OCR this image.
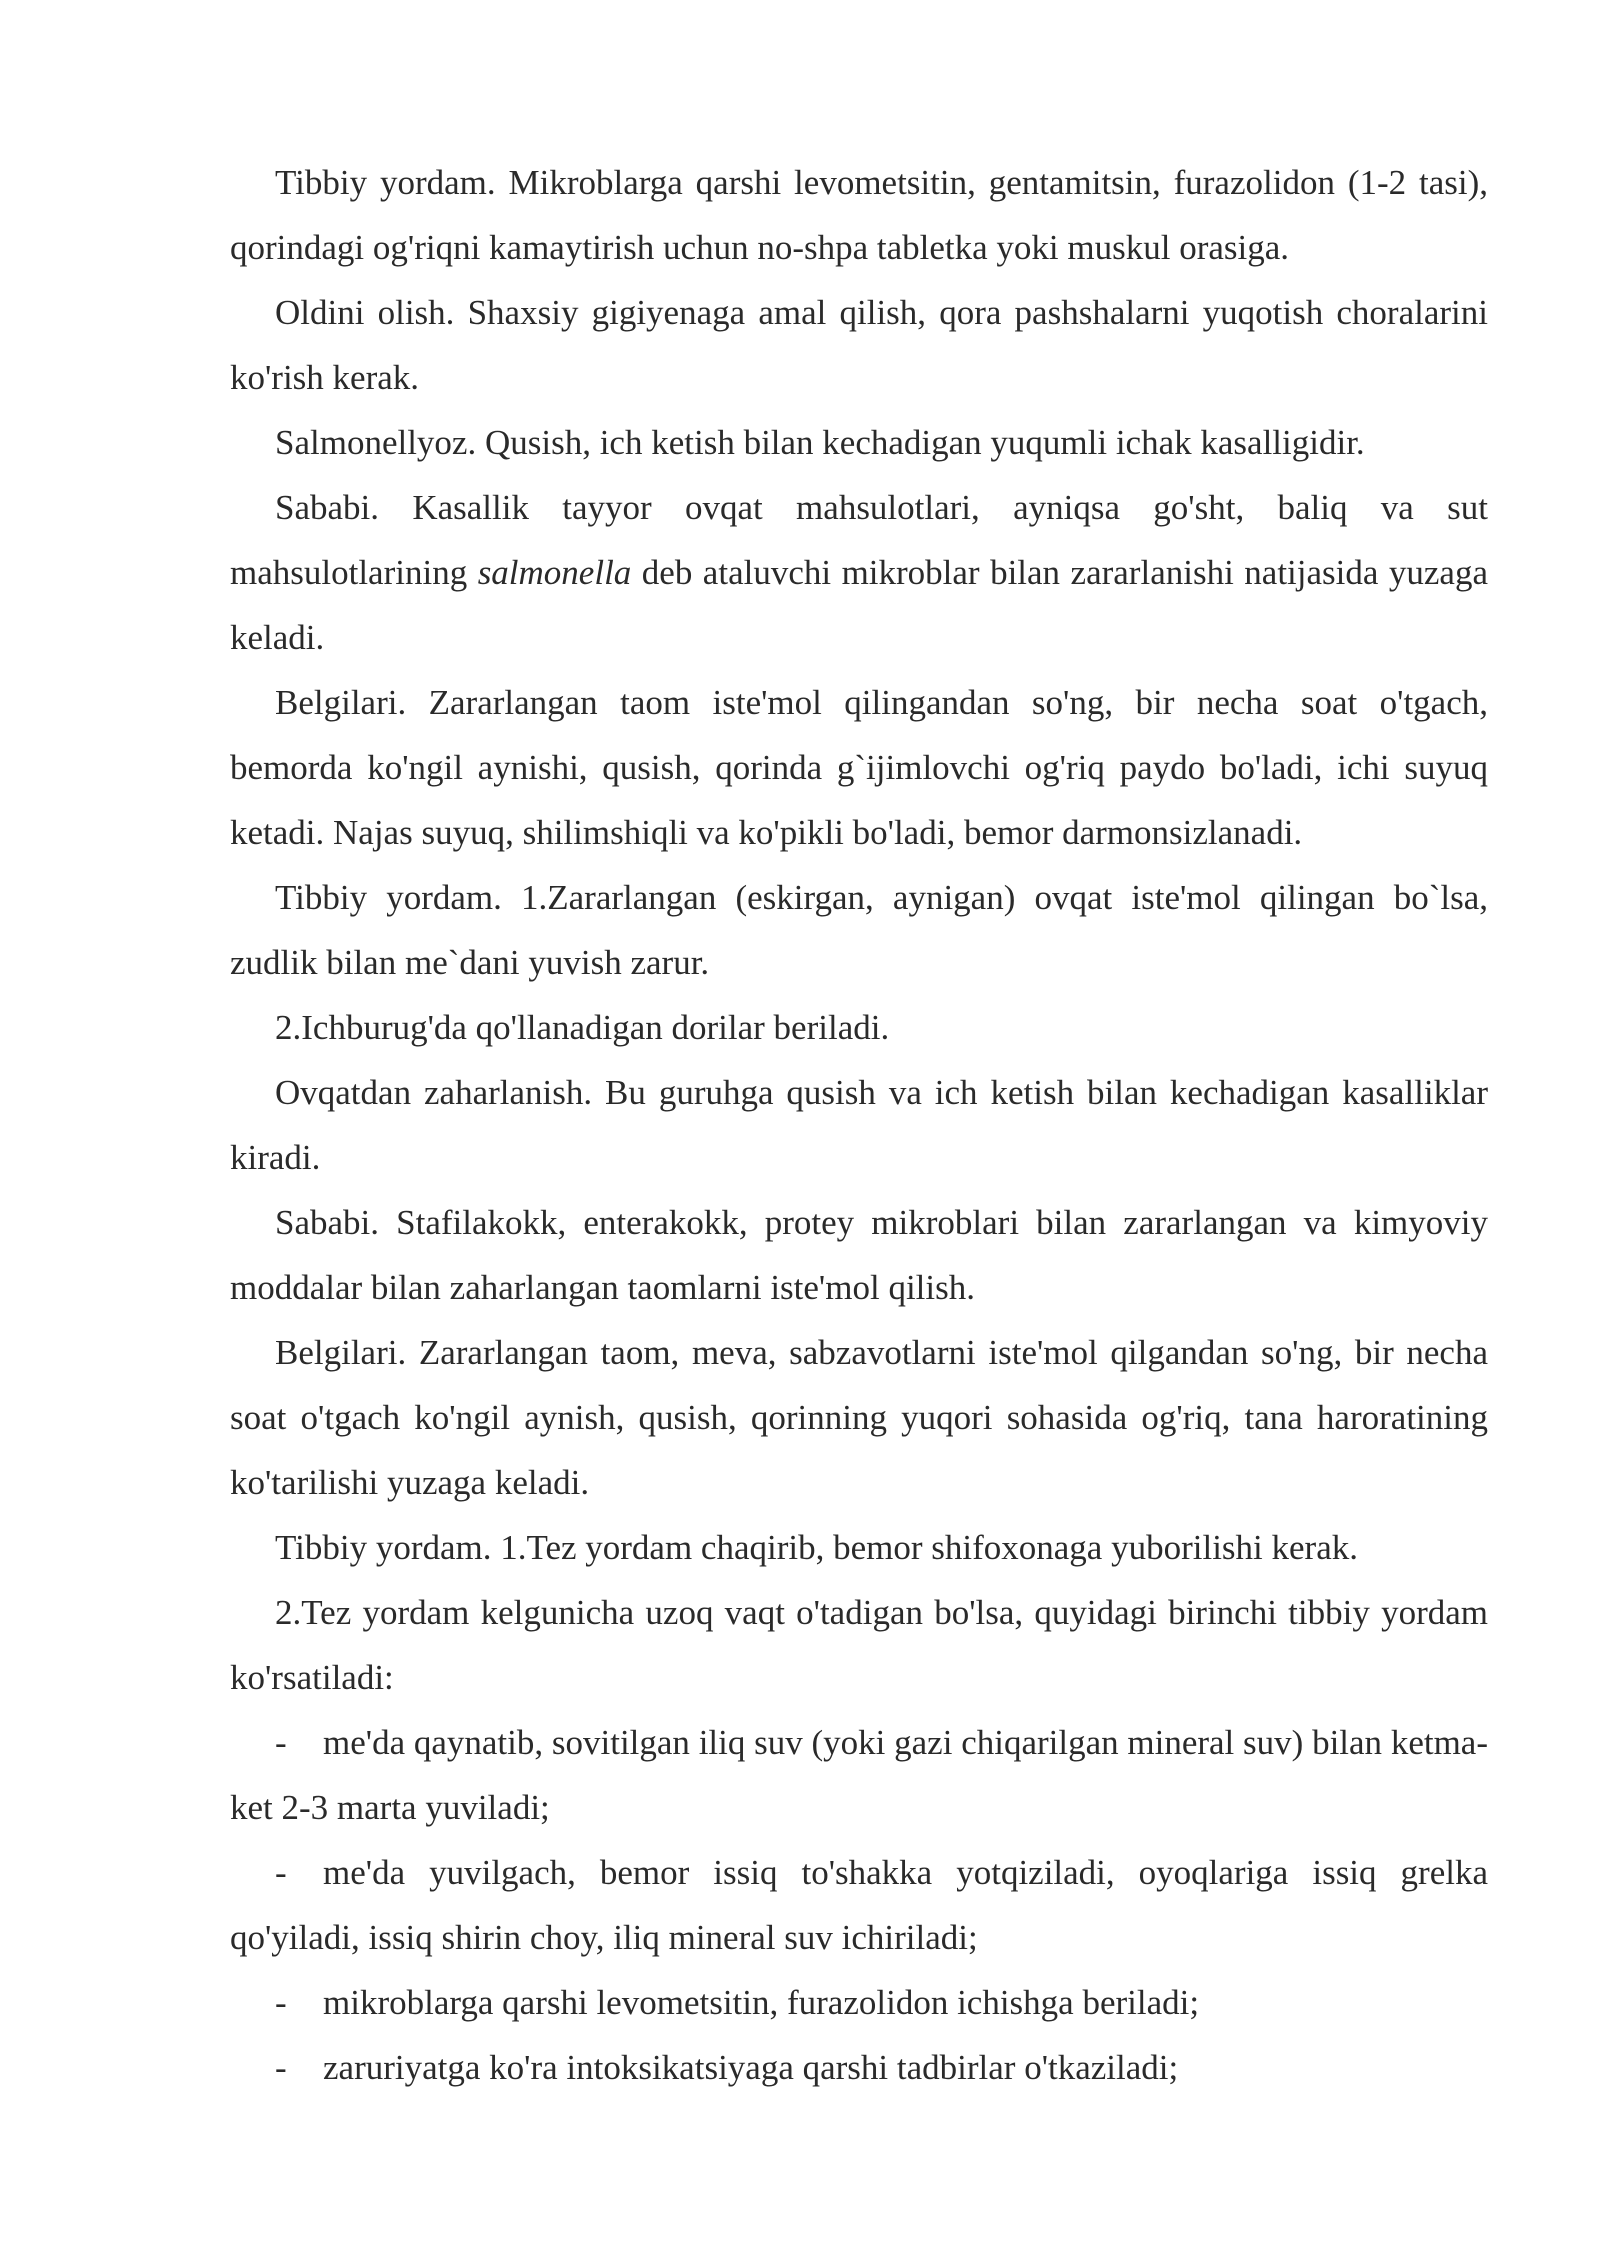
Tibbiy yordam. Mikroblarga qarshi levometsitin, gentamitsin, furazolidon (1-2 tasi), qorindagi og'riqni kamaytirish uchun no-shpa tabletka yoki muskul orasiga.

Oldini olish. Shaxsiy gigiyenaga amal qilish, qora pashshalarni yuqotish choralarini ko'rish kerak.

Salmonellyoz. Qusish, ich ketish bilan kechadigan yuqumli ichak kasalligidir.

Sababi. Kasallik tayyor ovqat mahsulotlari, ayniqsa go'sht, baliq va sut mahsulotlarining salmonella deb ataluvchi mikroblar bilan zararlanishi natijasida yuzaga keladi.

Belgilari. Zararlangan taom iste'mol qilingandan so'ng, bir necha soat o'tgach, bemorda ko'ngil aynishi, qusish, qorinda g`ijimlovchi og'riq paydo bo'ladi, ichi suyuq ketadi. Najas suyuq, shilimshiqli va ko'pikli bo'ladi, bemor darmonsizlanadi.

Tibbiy yordam. 1.Zararlangan (eskirgan, aynigan) ovqat iste'mol qilingan bo`lsa, zudlik bilan me`dani yuvish zarur.

2.Ichburug'da qo'llanadigan dorilar beriladi.

Ovqatdan zaharlanish. Bu guruhga qusish va ich ketish bilan kechadigan kasalliklar kiradi.

Sababi. Stafilakokk, enterakokk, protey mikroblari bilan zararlangan va kimyoviy moddalar bilan zaharlangan taomlarni iste'mol qilish.

Belgilari. Zararlangan taom, meva, sabzavotlarni iste'mol qilgandan so'ng, bir necha soat o'tgach ko'ngil aynish, qusish, qorinning yuqori sohasida og'riq, tana haroratining ko'tarilishi yuzaga keladi.

Tibbiy yordam. 1.Tez yordam chaqirib, bemor shifoxonaga yuborilishi kerak.

2.Tez yordam kelgunicha uzoq vaqt o'tadigan bo'lsa, quyidagi birinchi tibbiy yordam ko'rsatiladi:

- me'da qaynatib, sovitilgan iliq suv (yoki gazi chiqarilgan mineral suv) bilan ketma-ket 2-3 marta yuviladi;

- me'da yuvilgach, bemor issiq to'shakka yotqiziladi, oyoqlariga issiq grelka qo'yiladi, issiq shirin choy, iliq mineral suv ichiriladi;

- mikroblarga qarshi levometsitin, furazolidon ichishga beriladi;

- zaruriyatga ko'ra intoksikatsiyaga qarshi tadbirlar o'tkaziladi;
